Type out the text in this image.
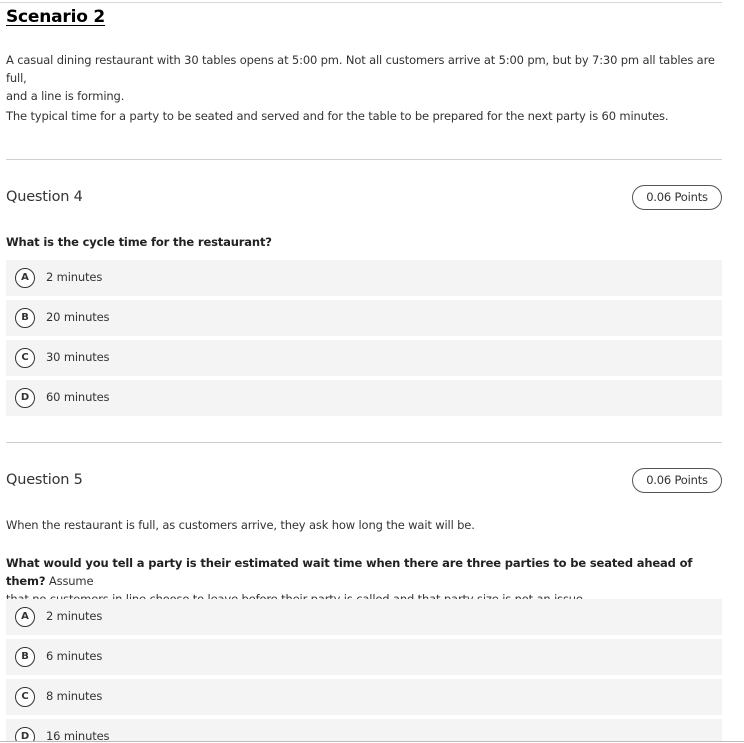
Scenario 2
A casual dining restaurant with 30 tables opens at 5:00 pm. Not all customers arrive at 5:00 pm, but by 7:30 pm all tables are full,
and a line is forming.
The typical time for a party to be seated and served and for the table to be prepared for the next party is 60 minutes.
Question 4	0.06 Points
What is the cycle time for the restaurant?
A	2 minutes
B	20 minutes
C	30 minutes
D	60 minutes
Question 5	0.06 Points
When the restaurant is full, as customers arrive, they ask how long the wait will be.
What would you tell a party is their estimated wait time when there are three parties to be seated ahead of them? Assume

A	2 minutes
B	6 minutes
C	8 minutes
D	16 minutes
